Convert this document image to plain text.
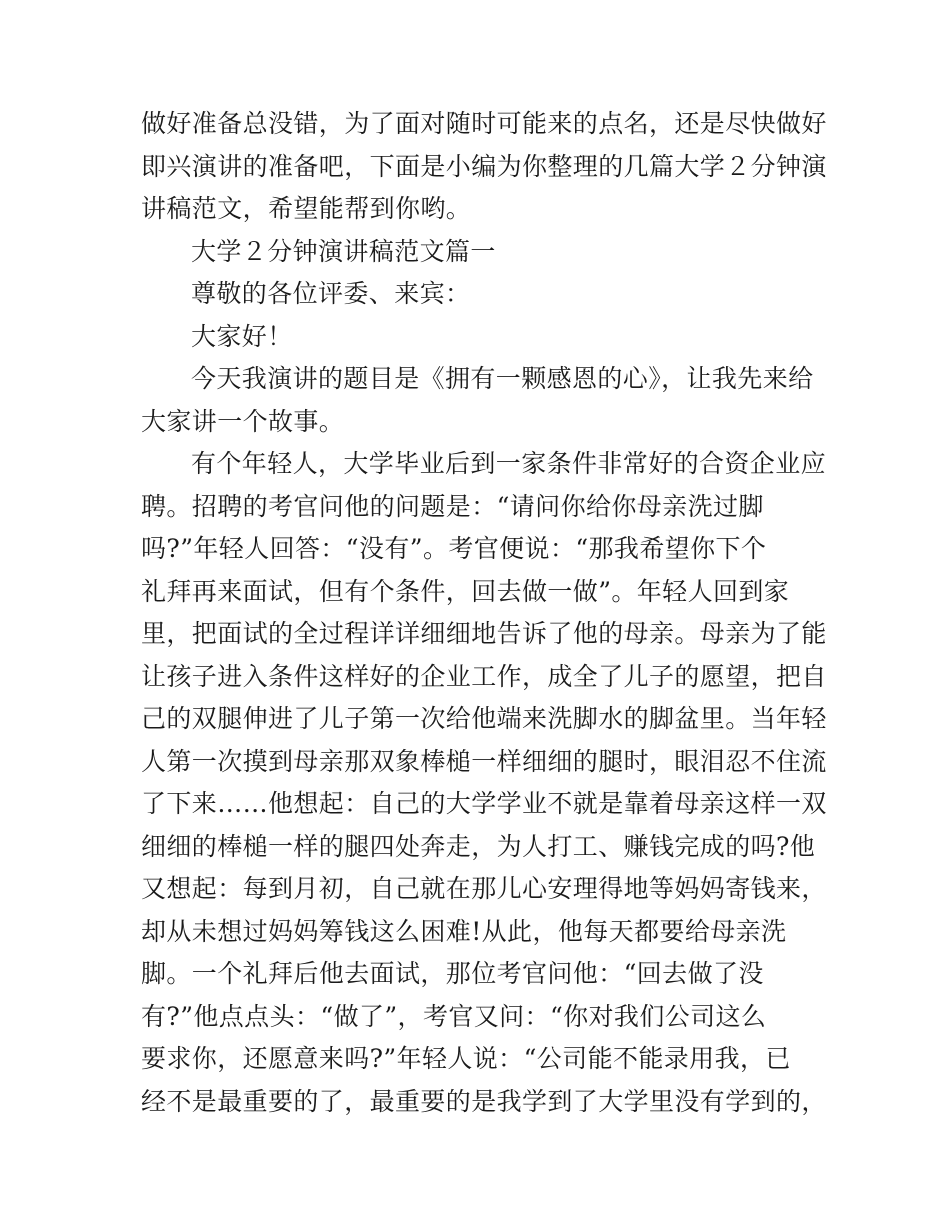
做好准备总没错，为了面对随时可能来的点名，还是尽快做好
即兴演讲的准备吧，下面是小编为你整理的几篇大学２分钟演
讲稿范文，希望能帮到你哟。

大学２分钟演讲稿范文篇一

尊敬的各位评委、来宾：

大家好！

今天我演讲的题目是《拥有一颗感恩的心》，让我先来给
大家讲一个故事。

有个年轻人，大学毕业后到一家条件非常好的合资企业应
聘。招聘的考官问他的问题是：“请问你给你母亲洗过脚
吗?”年轻人回答：“没有”。考官便说：“那我希望你下个
礼拜再来面试，但有个条件，回去做一做”。年轻人回到家
里，把面试的全过程详详细细地告诉了他的母亲。母亲为了能
让孩子进入条件这样好的企业工作，成全了儿子的愿望，把自
己的双腿伸进了儿子第一次给他端来洗脚水的脚盆里。当年轻
人第一次摸到母亲那双象棒槌一样细细的腿时，眼泪忍不住流
了下来……他想起：自己的大学学业不就是靠着母亲这样一双
细细的棒槌一样的腿四处奔走，为人打工、赚钱完成的吗?他
又想起：每到月初，自己就在那儿心安理得地等妈妈寄钱来，
却从未想过妈妈筹钱这么困难!从此，他每天都要给母亲洗
脚。一个礼拜后他去面试，那位考官问他：“回去做了没
有?”他点点头：“做了”，考官又问：“你对我们公司这么
要求你，还愿意来吗?”年轻人说：“公司能不能录用我，已
经不是最重要的了，最重要的是我学到了大学里没有学到的，
